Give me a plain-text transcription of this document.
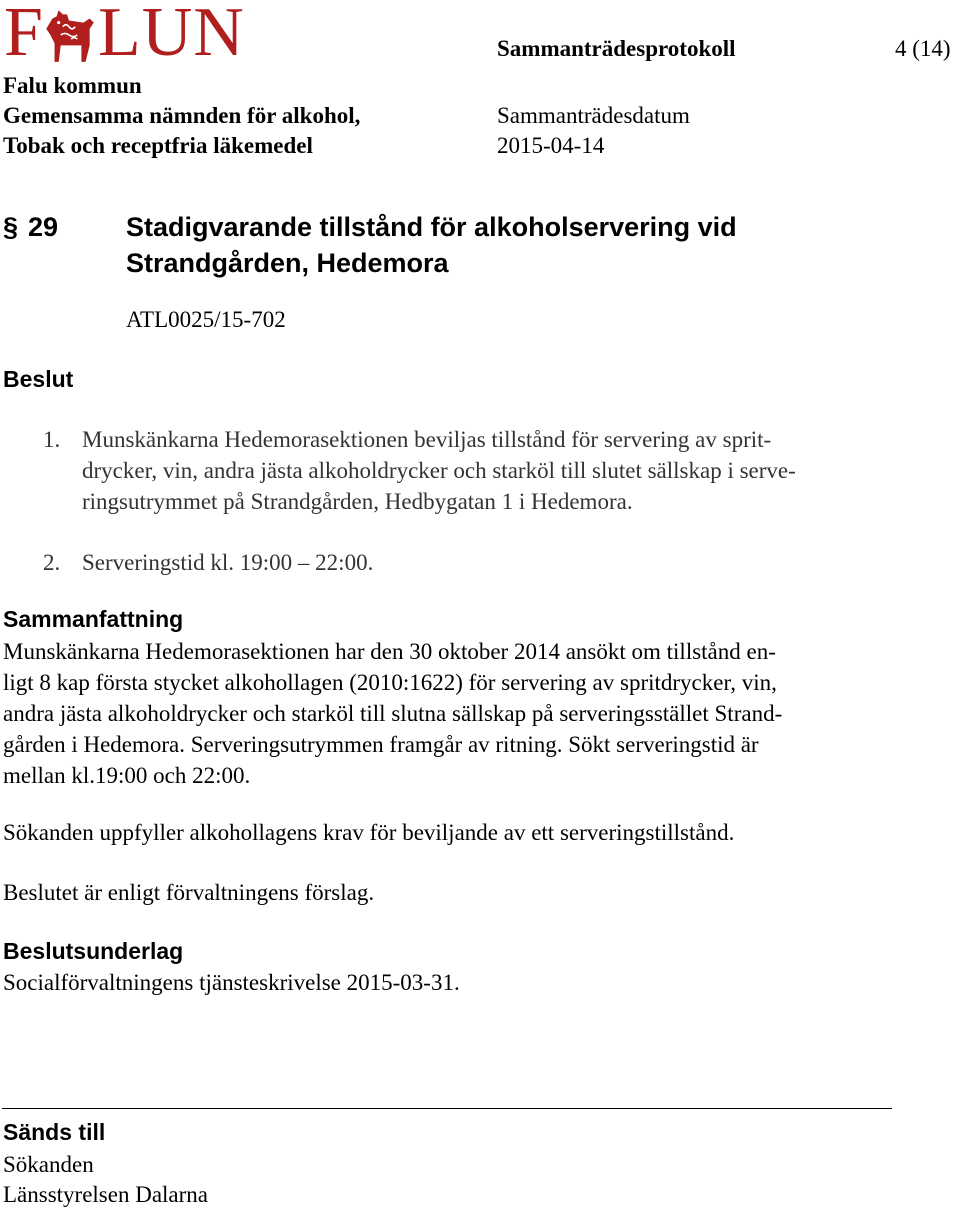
F LUN	Sammanträdesprotokoll	4 (14)
Falu kommun
Gemensamma nämnden för alkohol,
Tobak och receptfria läkemedel
Sammanträdesdatum
2015-04-14
§ 29	Stadigvarande tillstånd för alkoholservering vid
Strandgården, Hedemora
ATL0025/15-702
Beslut
1. Munskänkarna Hedemorasektionen beviljas tillstånd för servering av sprit-
drycker, vin, andra jästa alkoholdrycker och starköl till slutet sällskap i serve-
ringsutrymmet på Strandgården, Hedbygatan 1 i Hedemora.
2. Serveringstid kl. 19:00 – 22:00.
Sammanfattning
Munskänkarna Hedemorasektionen har den 30 oktober 2014 ansökt om tillstånd en-
ligt 8 kap första stycket alkohollagen (2010:1622) för servering av spritdrycker, vin,
andra jästa alkoholdrycker och starköl till slutna sällskap på serveringsstället Strand-
gården i Hedemora. Serveringsutrymmen framgår av ritning. Sökt serveringstid är
mellan kl.19:00 och 22:00.
Sökanden uppfyller alkohollagens krav för beviljande av ett serveringstillstånd.
Beslutet är enligt förvaltningens förslag.
Beslutsunderlag
Socialförvaltningens tjänsteskrivelse 2015-03-31.
Sänds till
Sökanden
Länsstyrelsen Dalarna
